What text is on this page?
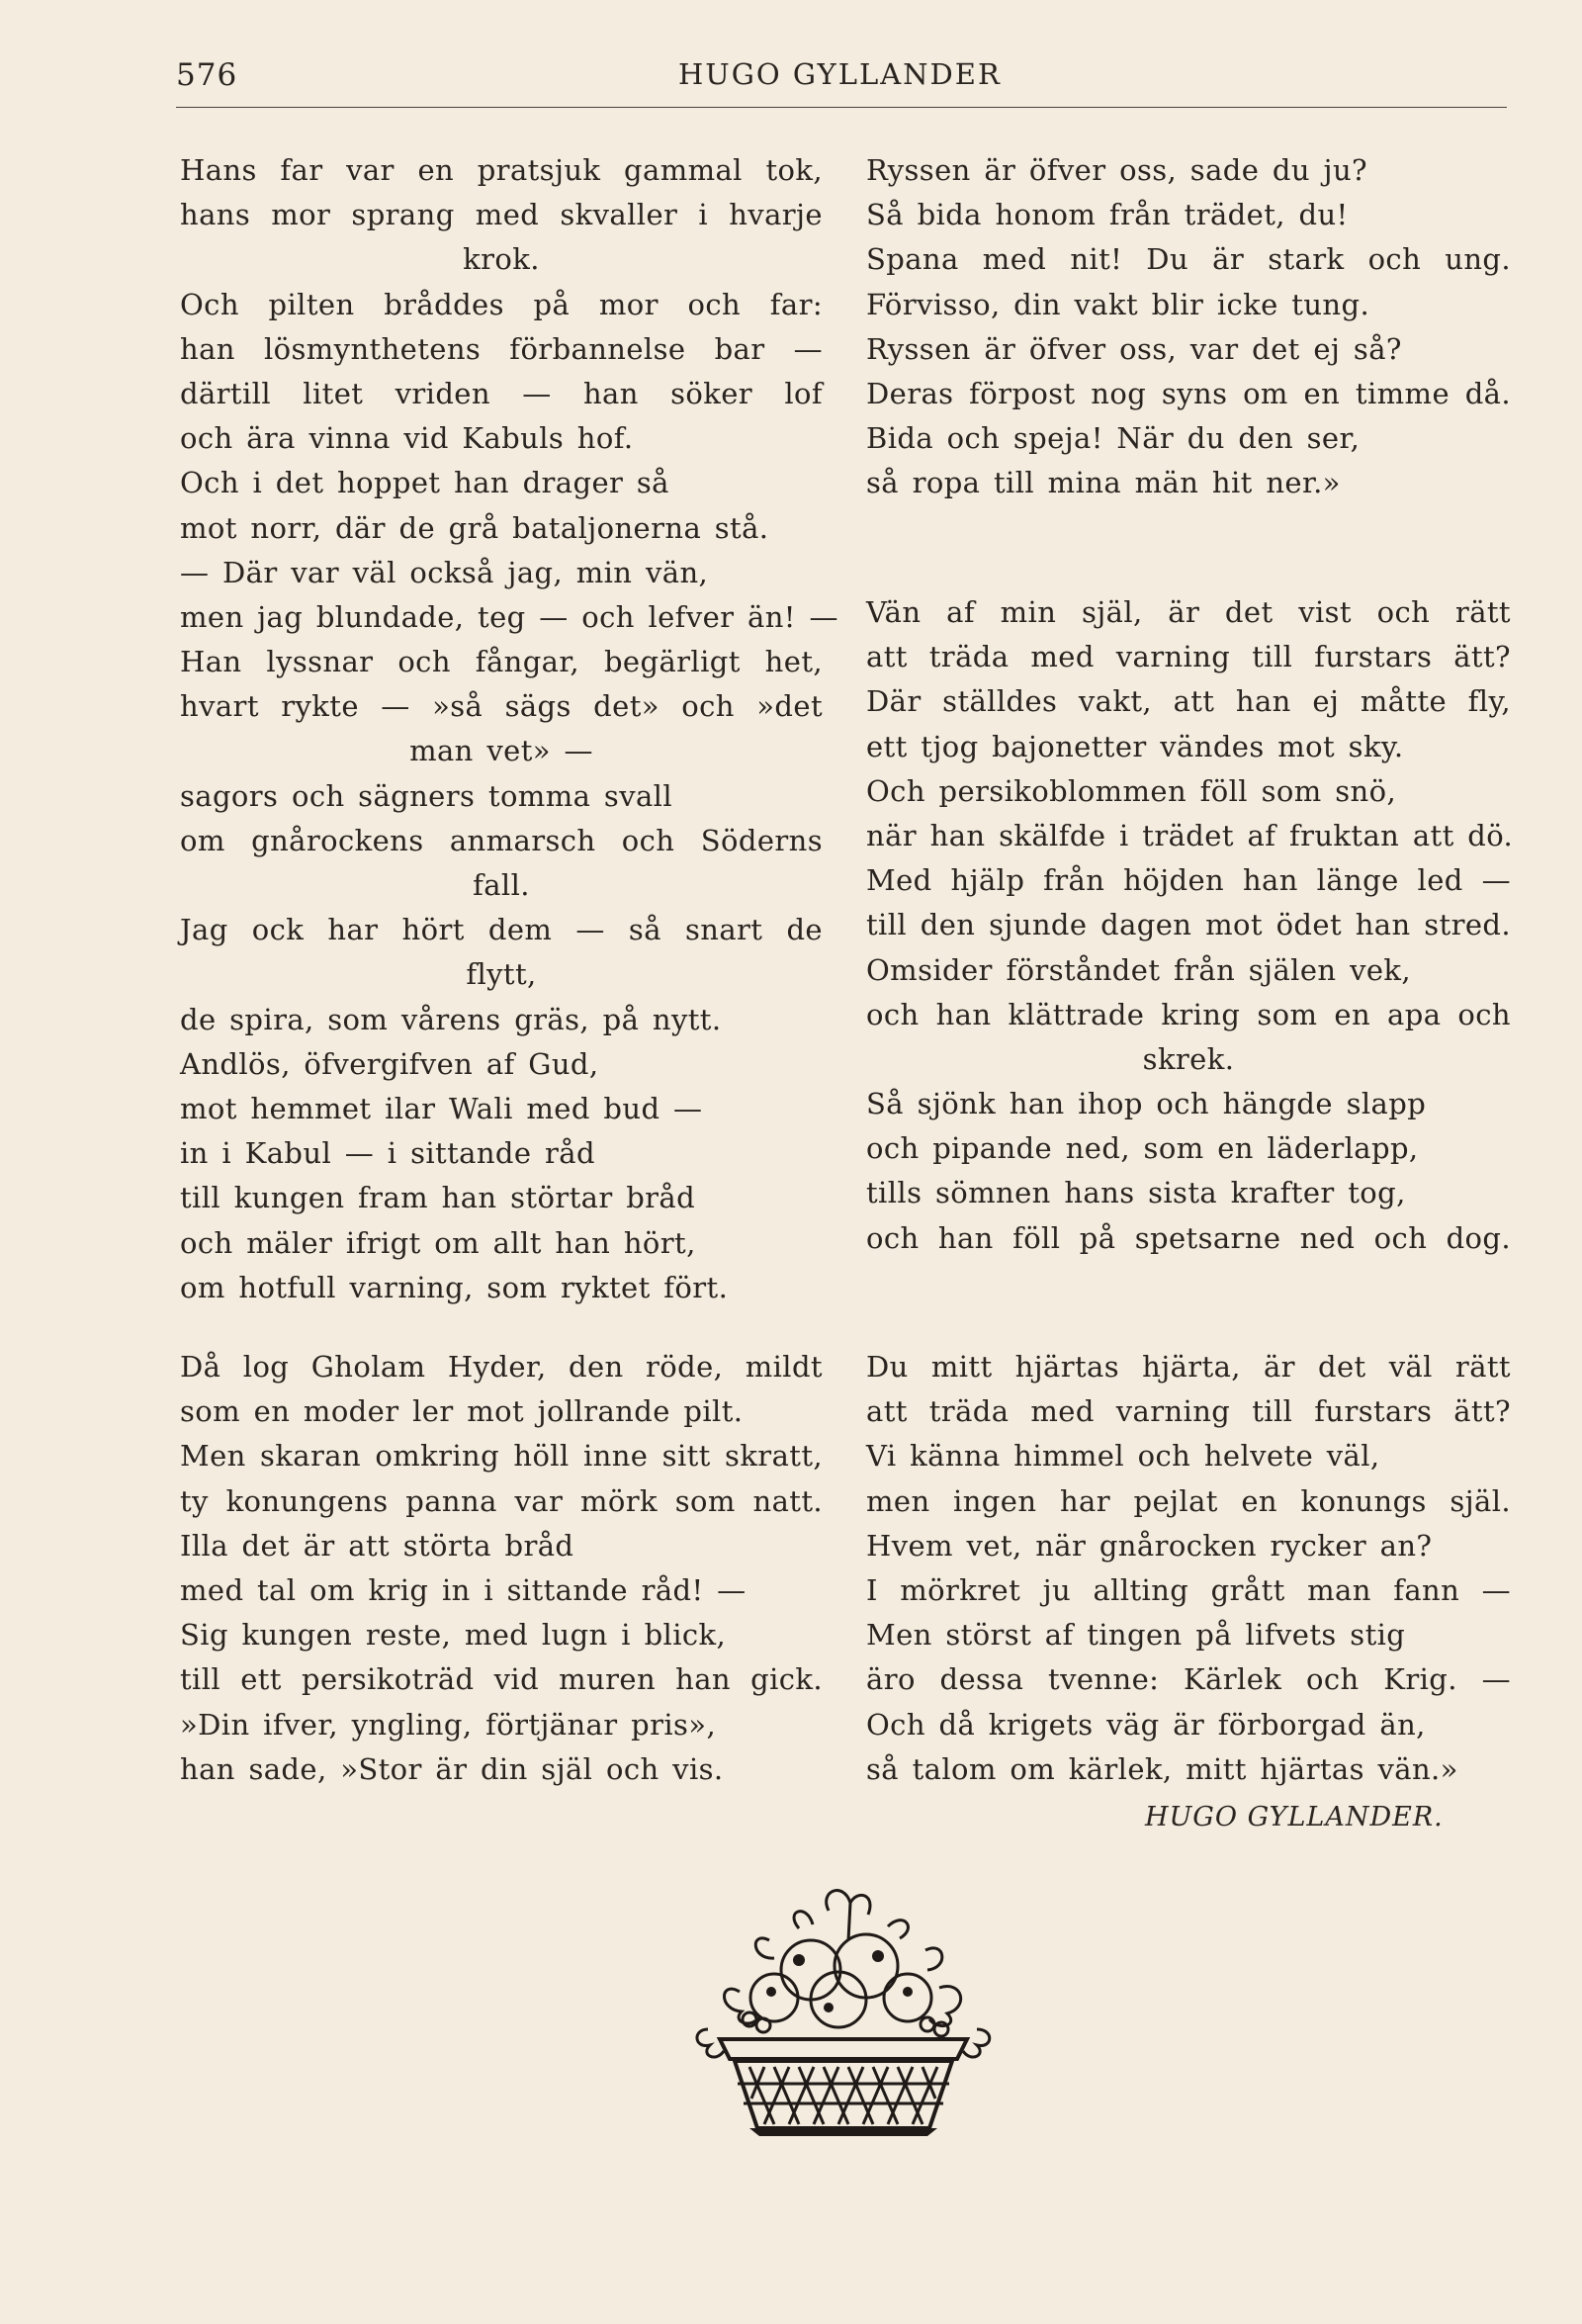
576	HUGO GYLLANDER
Hans far var en pratsjuk gammal tok,
hans mor sprang med skvaller i hvarje
krok.
Och pilten bråddes på mor och far:
han lösmynthetens förbannelse bar —
därtill litet vriden — han söker lof
och ära vinna vid Kabuls hof.
Och i det hoppet han drager så
mot norr, där de grå bataljonerna stå.
— Där var väl också jag, min vän,
men jag blundade, teg — och lefver än! —
Han lyssnar och fångar, begärligt het,
hvart rykte — »så sägs det» och »det
man vet» —
sagors och sägners tomma svall
om gnårockens anmarsch och Söderns
fall.
Jag ock har hört dem — så snart de
flytt,
de spira, som vårens gräs, på nytt.
Andlös, öfvergifven af Gud,
mot hemmet ilar Wali med bud —
in i Kabul — i sittande råd
till kungen fram han störtar bråd
och mäler ifrigt om allt han hört,
om hotfull varning, som ryktet fört.
Då log Gholam Hyder, den röde, mildt
som en moder ler mot jollrande pilt.
Men skaran omkring höll inne sitt skratt,
ty konungens panna var mörk som natt.
Illa det är att störta bråd
med tal om krig in i sittande råd! —
Sig kungen reste, med lugn i blick,
till ett persikoträd vid muren han gick.
»Din ifver, yngling, förtjänar pris»,
han sade, »Stor är din själ och vis.
Ryssen är öfver oss, sade du ju?
Så bida honom från trädet, du!
Spana med nit! Du är stark och ung.
Förvisso, din vakt blir icke tung.
Ryssen är öfver oss, var det ej så?
Deras förpost nog syns om en timme då.
Bida och speja! När du den ser,
så ropa till mina män hit ner.»
Vän af min själ, är det vist och rätt
att träda med varning till furstars ätt?
Där ställdes vakt, att han ej måtte fly,
ett tjog bajonetter vändes mot sky.
Och persikoblommen föll som snö,
när han skälfde i trädet af fruktan att dö.
Med hjälp från höjden han länge led —
till den sjunde dagen mot ödet han stred.
Omsider förståndet från själen vek,
och han klättrade kring som en apa och
skrek.
Så sjönk han ihop och hängde slapp
och pipande ned, som en läderlapp,
tills sömnen hans sista krafter tog,
och han föll på spetsarne ned och dog.
Du mitt hjärtas hjärta, är det väl rätt
att träda med varning till furstars ätt?
Vi känna himmel och helvete väl,
men ingen har pejlat en konungs själ.
Hvem vet, när gnårocken rycker an?
I mörkret ju allting grått man fann —
Men störst af tingen på lifvets stig
äro dessa tvenne: Kärlek och Krig. —
Och då krigets väg är förborgad än,
så talom om kärlek, mitt hjärtas vän.»
HUGO GYLLANDER.
